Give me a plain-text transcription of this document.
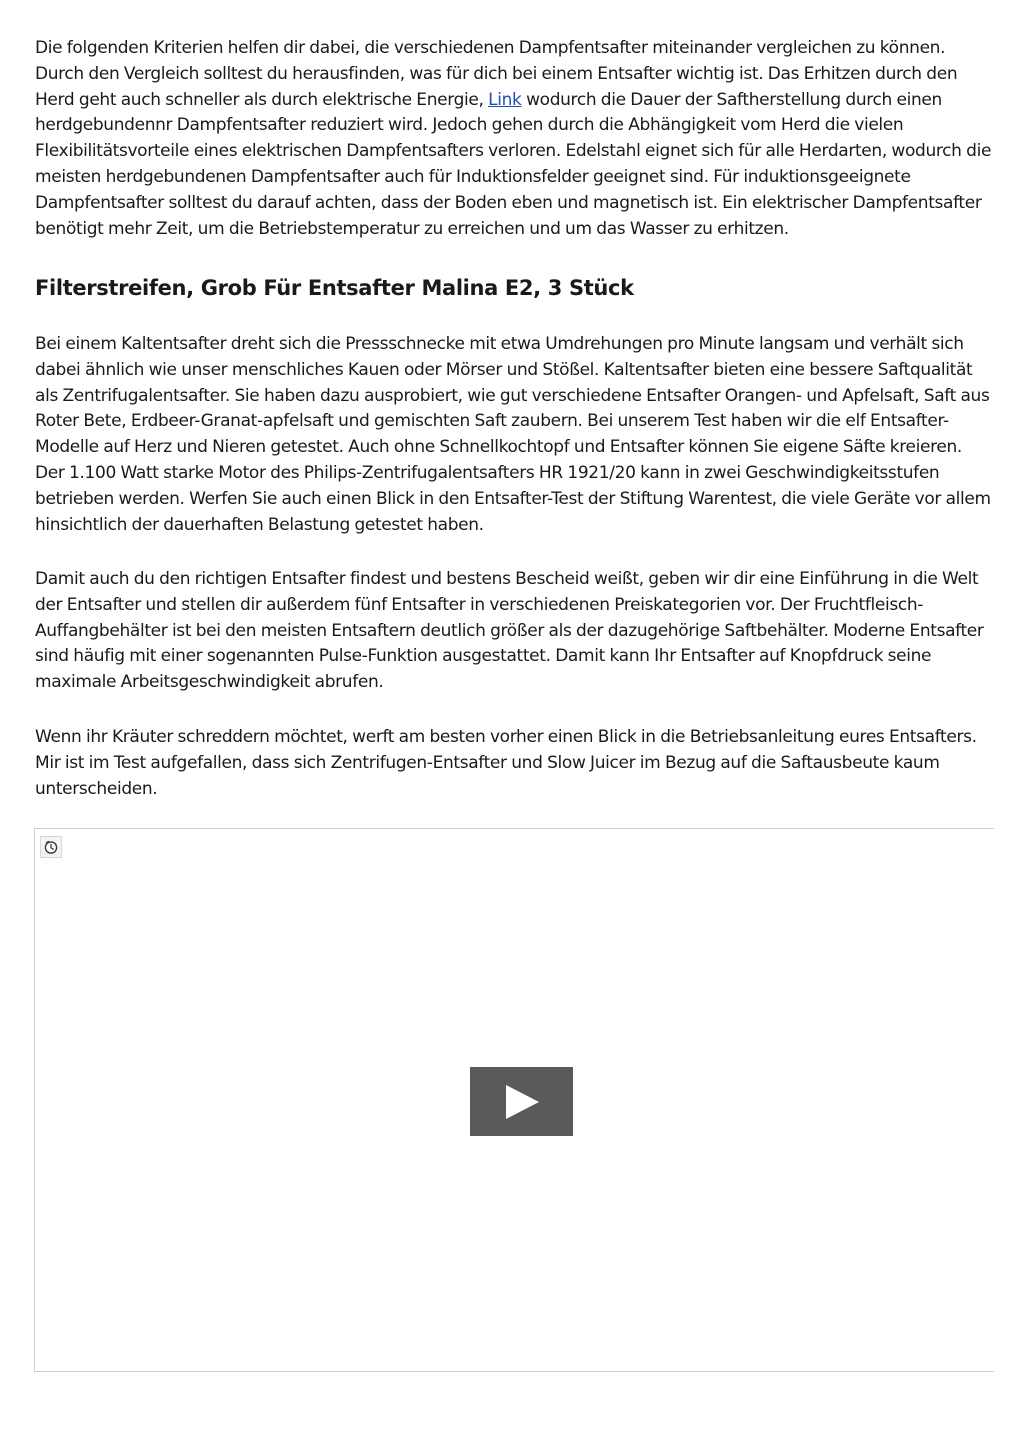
Die folgenden Kriterien helfen dir dabei, die verschiedenen Dampfentsafter miteinander vergleichen zu können. Durch den Vergleich solltest du herausfinden, was für dich bei einem Entsafter wichtig ist. Das Erhitzen durch den Herd geht auch schneller als durch elektrische Energie, Link wodurch die Dauer der Saftherstellung durch einen herdgebundennr Dampfentsafter reduziert wird. Jedoch gehen durch die Abhängigkeit vom Herd die vielen Flexibilitätsvorteile eines elektrischen Dampfentsafters verloren. Edelstahl eignet sich für alle Herdarten, wodurch die meisten herdgebundenen Dampfentsafter auch für Induktionsfelder geeignet sind. Für induktionsgeeignete Dampfentsafter solltest du darauf achten, dass der Boden eben und magnetisch ist. Ein elektrischer Dampfentsafter benötigt mehr Zeit, um die Betriebstemperatur zu erreichen und um das Wasser zu erhitzen.

Filterstreifen, Grob Für Entsafter Malina E2, 3 Stück

Bei einem Kaltentsafter dreht sich die Pressschnecke mit etwa Umdrehungen pro Minute langsam und verhält sich dabei ähnlich wie unser menschliches Kauen oder Mörser und Stößel. Kaltentsafter bieten eine bessere Saftqualität als Zentrifugalentsafter. Sie haben dazu ausprobiert, wie gut verschiedene Entsafter Orangen- und Apfelsaft, Saft aus Roter Bete, Erdbeer-Granat-apfelsaft und gemischten Saft zaubern. Bei unserem Test haben wir die elf Entsafter-Modelle auf Herz und Nieren getestet. Auch ohne Schnellkochtopf und Entsafter können Sie eigene Säfte kreieren. Der 1.100 Watt starke Motor des Philips-Zentrifugalentsafters HR 1921/20 kann in zwei Geschwindigkeitsstufen betrieben werden. Werfen Sie auch einen Blick in den Entsafter-Test der Stiftung Warentest, die viele Geräte vor allem hinsichtlich der dauerhaften Belastung getestet haben.

Damit auch du den richtigen Entsafter findest und bestens Bescheid weißt, geben wir dir eine Einführung in die Welt der Entsafter und stellen dir außerdem fünf Entsafter in verschiedenen Preiskategorien vor. Der Fruchtfleisch-Auffangbehälter ist bei den meisten Entsaftern deutlich größer als der dazugehörige Saftbehälter. Moderne Entsafter sind häufig mit einer sogenannten Pulse-Funktion ausgestattet. Damit kann Ihr Entsafter auf Knopfdruck seine maximale Arbeitsgeschwindigkeit abrufen.

Wenn ihr Kräuter schreddern möchtet, werft am besten vorher einen Blick in die Betriebsanleitung eures Entsafters. Mir ist im Test aufgefallen, dass sich Zentrifugen-Entsafter und Slow Juicer im Bezug auf die Saftausbeute kaum unterscheiden.
